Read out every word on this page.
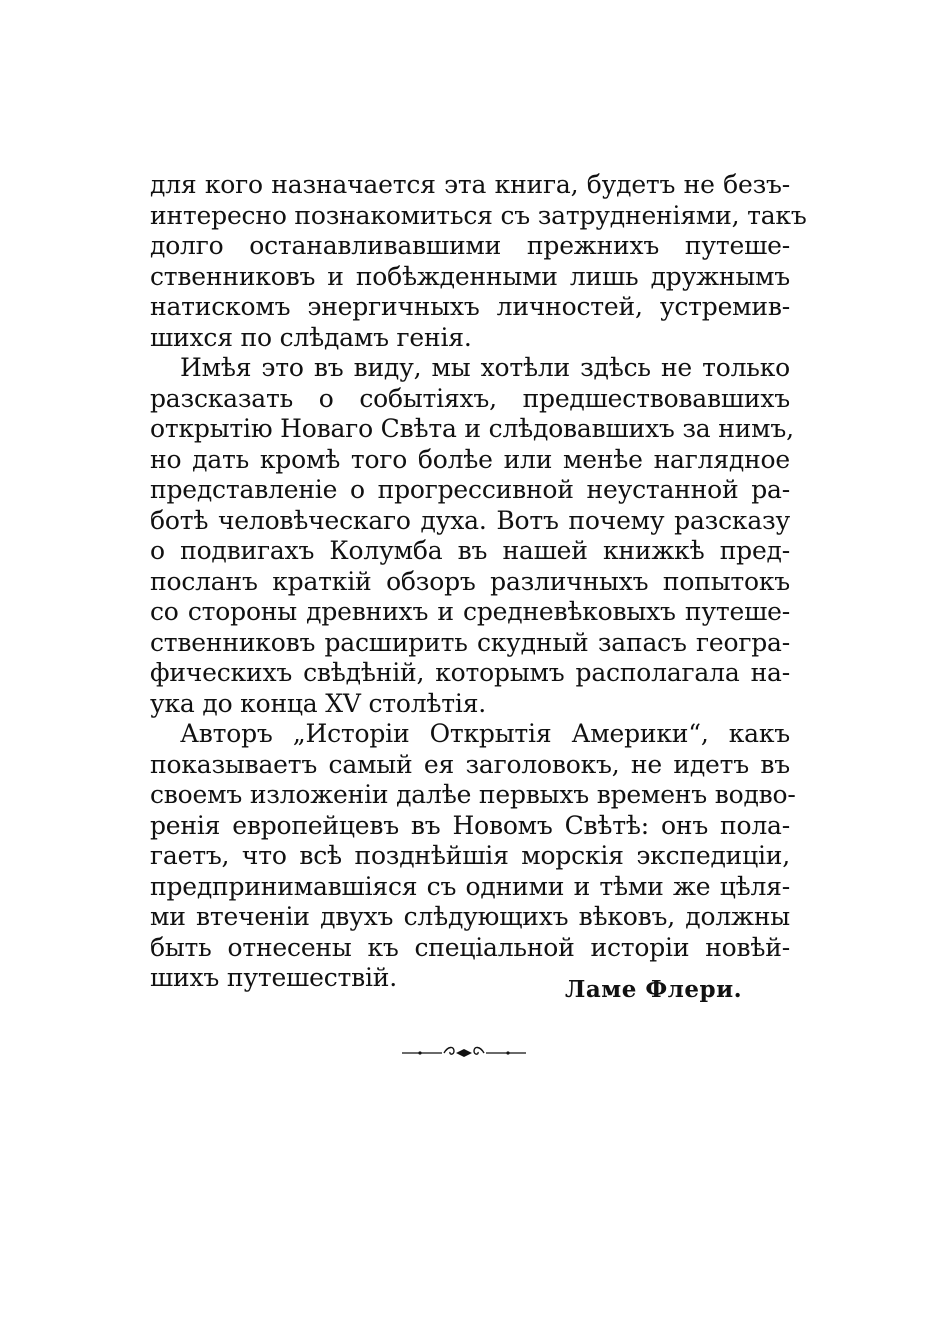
для кого назначается эта книга, будетъ не безъ-
интересно познакомиться съ затрудненіями, такъ
долго останавливавшими прежнихъ путеше-
ственниковъ и побѣжденными лишь дружнымъ
натискомъ энергичныхъ личностей, устремив-
шихся по слѣдамъ генія.
Имѣя это въ виду, мы хотѣли здѣсь не только
разсказать о событіяхъ, предшествовавшихъ
открытію Новаго Свѣта и слѣдовавшихъ за нимъ,
но дать кромѣ того болѣе или менѣе наглядное
представленіе о прогрессивной неустанной ра-
ботѣ человѣческаго духа. Вотъ почему разсказу
о подвигахъ Колумба въ нашей книжкѣ пред-
посланъ краткій обзоръ различныхъ попытокъ
со стороны древнихъ и средневѣковыхъ путеше-
ственниковъ расширить скудный запасъ геогра-
фическихъ свѣдѣній, которымъ располагала на-
ука до конца XV столѣтія.
Авторъ „Исторіи Открытія Америки“, какъ
показываетъ самый ея заголовокъ, не идетъ въ
своемъ изложеніи далѣе первыхъ временъ водво-
ренія европейцевъ въ Новомъ Свѣтѣ: онъ пола-
гаетъ, что всѣ позднѣйшія морскія экспедиціи,
предпринимавшіяся съ одними и тѣми же цѣля-
ми втеченіи двухъ слѣдующихъ вѣковъ, должны
быть отнесены къ спеціальной исторіи новѣй-
шихъ путешествій.	Ламе Флери.
